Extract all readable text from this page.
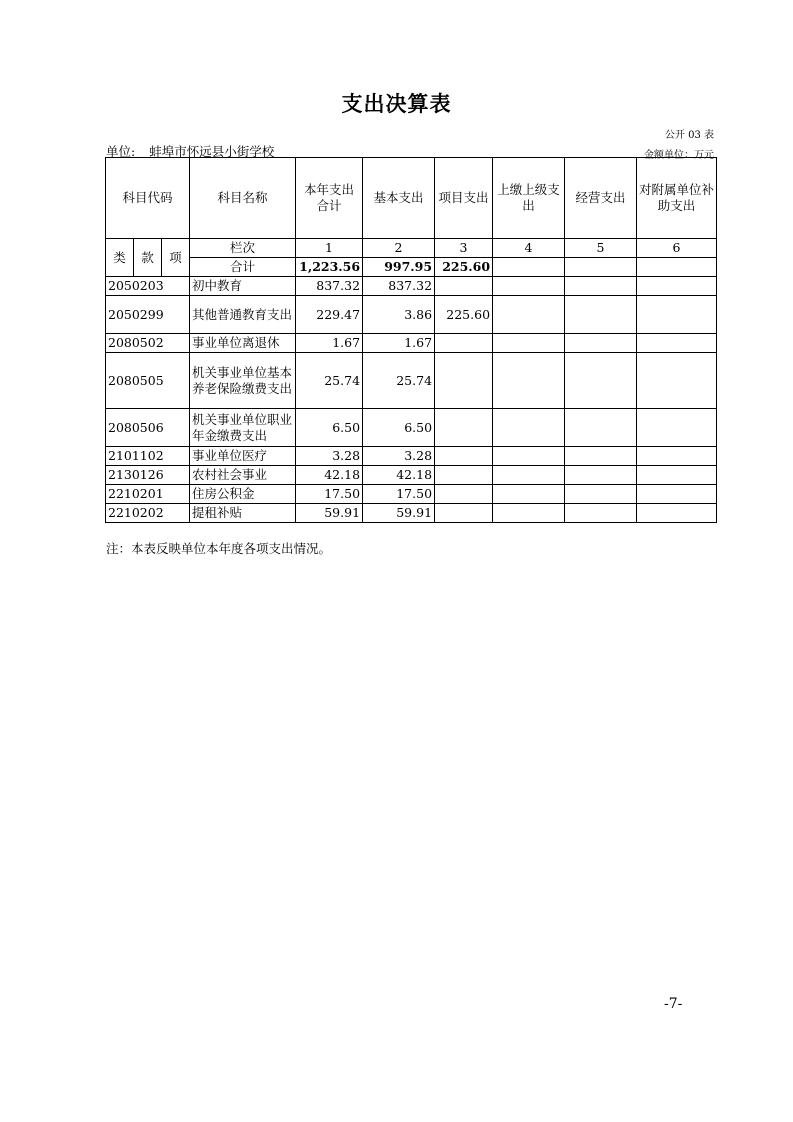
支出决算表
公开 03 表
单位: 蚌埠市怀远县小街学校	金额单位：万元
科目代码			科目名称	本年支出合计	基本支出	项目支出	上缴上级支出	经营支出	对附属单位补助支出
类	款	项	栏次	1	2	3	4	5	6
			合计	1,223.56	997.95	225.60			
2050203			初中教育	837.32	837.32				
2050299			其他普通教育支出	229.47	3.86	225.60			
2080502			事业单位离退休	1.67	1.67				
2080505			机关事业单位基本养老保险缴费支出	25.74	25.74				
2080506			机关事业单位职业年金缴费支出	6.50	6.50				
2101102			事业单位医疗	3.28	3.28				
2130126			农村社会事业	42.18	42.18				
2210201			住房公积金	17.50	17.50				
2210202			提租补贴	59.91	59.91				
注：本表反映单位本年度各项支出情况。
-7-
